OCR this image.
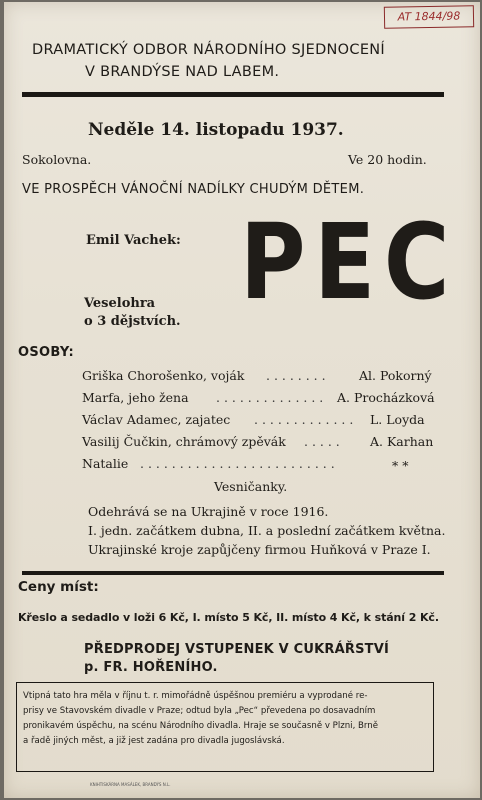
AT 1844/98
DRAMATICKÝ ODBOR NÁRODNÍHO SJEDNOCENÍ
V BRANDÝSE NAD LABEM.
Neděle 14. listopadu 1937.
Sokolovna.	Ve 20 hodin.
VE PROSPĚCH VÁNOČNÍ NADÍLKY CHUDÝM DĚTEM.
Emil Vachek: PEC
Veselohra
o 3 dějstvích.
OSOBY:
Griška Chorošenko, voják . . . . . . . .	Al. Pokorný
Marfa, jeho žena . . . . . . . . . . . . . . A. Procházková
Václav Adamec, zajatec . . . . . . . . . . . . . L. Loyda
Vasilij Čučkin, chrámový zpěvák . . . . . A. Karhan
Natalie . . . . . . . . . . . . . . . . . . . . . . . . .	* *
Vesničanky.
Odehrává se na Ukrajině v roce 1916.
I. jedn. začátkem dubna, II. a poslední začátkem května.
Ukrajinské kroje zapůjčeny firmou Huňková v Praze I.
Ceny míst:
Křeslo a sedadlo v loži 6 Kč, I. místo 5 Kč, II. místo 4 Kč, k stání 2 Kč.
PŘEDPRODEJ VSTUPENEK V CUKRÁŘSTVÍ
p. FR. HOŘENÍHO.
Vtipná tato hra měla v říjnu t. r. mimořádně úspěšnou premiéru a vyprodané re-
prisy ve Stavovském divadle v Praze; odtud byla „Pec“ převedena po dosavadním
pronikavém úspěchu, na scénu Národního divadla. Hraje se současně v Plzni, Brně
a řadě jiných měst, a již jest zadána pro divadla jugoslávská.
KNIHTISKÁRNA MASÁLEK, BRANDÝS N.L.
